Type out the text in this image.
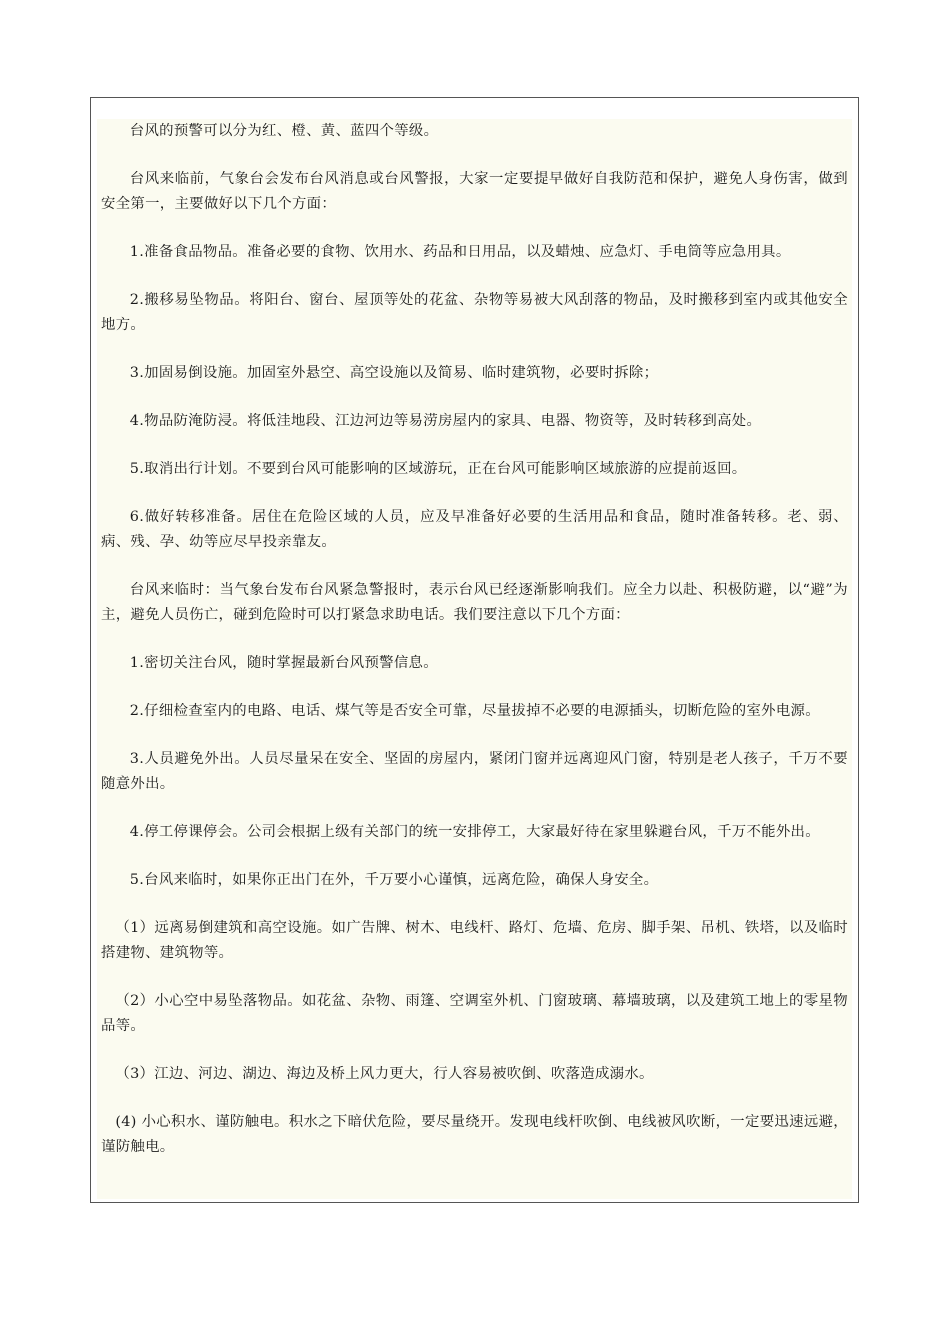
台风的预警可以分为红、橙、黄、蓝四个等级。

台风来临前，气象台会发布台风消息或台风警报，大家一定要提早做好自我防范和保护，避免人身伤害，做到安全第一，主要做好以下几个方面：

1.准备食品物品。准备必要的食物、饮用水、药品和日用品，以及蜡烛、应急灯、手电筒等应急用具。

2.搬移易坠物品。将阳台、窗台、屋顶等处的花盆、杂物等易被大风刮落的物品，及时搬移到室内或其他安全地方。

3.加固易倒设施。加固室外悬空、高空设施以及简易、临时建筑物，必要时拆除；

4.物品防淹防浸。将低洼地段、江边河边等易涝房屋内的家具、电器、物资等，及时转移到高处。

5.取消出行计划。不要到台风可能影响的区域游玩，正在台风可能影响区域旅游的应提前返回。

6.做好转移准备。居住在危险区域的人员，应及早准备好必要的生活用品和食品，随时准备转移。老、弱、病、残、孕、幼等应尽早投亲靠友。

台风来临时：当气象台发布台风紧急警报时，表示台风已经逐渐影响我们。应全力以赴、积极防避，以“避”为主，避免人员伤亡，碰到危险时可以打紧急求助电话。我们要注意以下几个方面：

1.密切关注台风，随时掌握最新台风预警信息。

2.仔细检查室内的电路、电话、煤气等是否安全可靠，尽量拔掉不必要的电源插头，切断危险的室外电源。

3.人员避免外出。人员尽量呆在安全、坚固的房屋内，紧闭门窗并远离迎风门窗，特别是老人孩子，千万不要随意外出。

4.停工停课停会。公司会根据上级有关部门的统一安排停工，大家最好待在家里躲避台风，千万不能外出。

5.台风来临时，如果你正出门在外，千万要小心谨慎，远离危险，确保人身安全。

（1）远离易倒建筑和高空设施。如广告牌、树木、电线杆、路灯、危墙、危房、脚手架、吊机、铁塔，以及临时搭建物、建筑物等。

（2）小心空中易坠落物品。如花盆、杂物、雨篷、空调室外机、门窗玻璃、幕墙玻璃，以及建筑工地上的零星物品等。

（3）江边、河边、湖边、海边及桥上风力更大，行人容易被吹倒、吹落造成溺水。

(4) 小心积水、谨防触电。积水之下暗伏危险，要尽量绕开。发现电线杆吹倒、电线被风吹断，一定要迅速远避，谨防触电。
